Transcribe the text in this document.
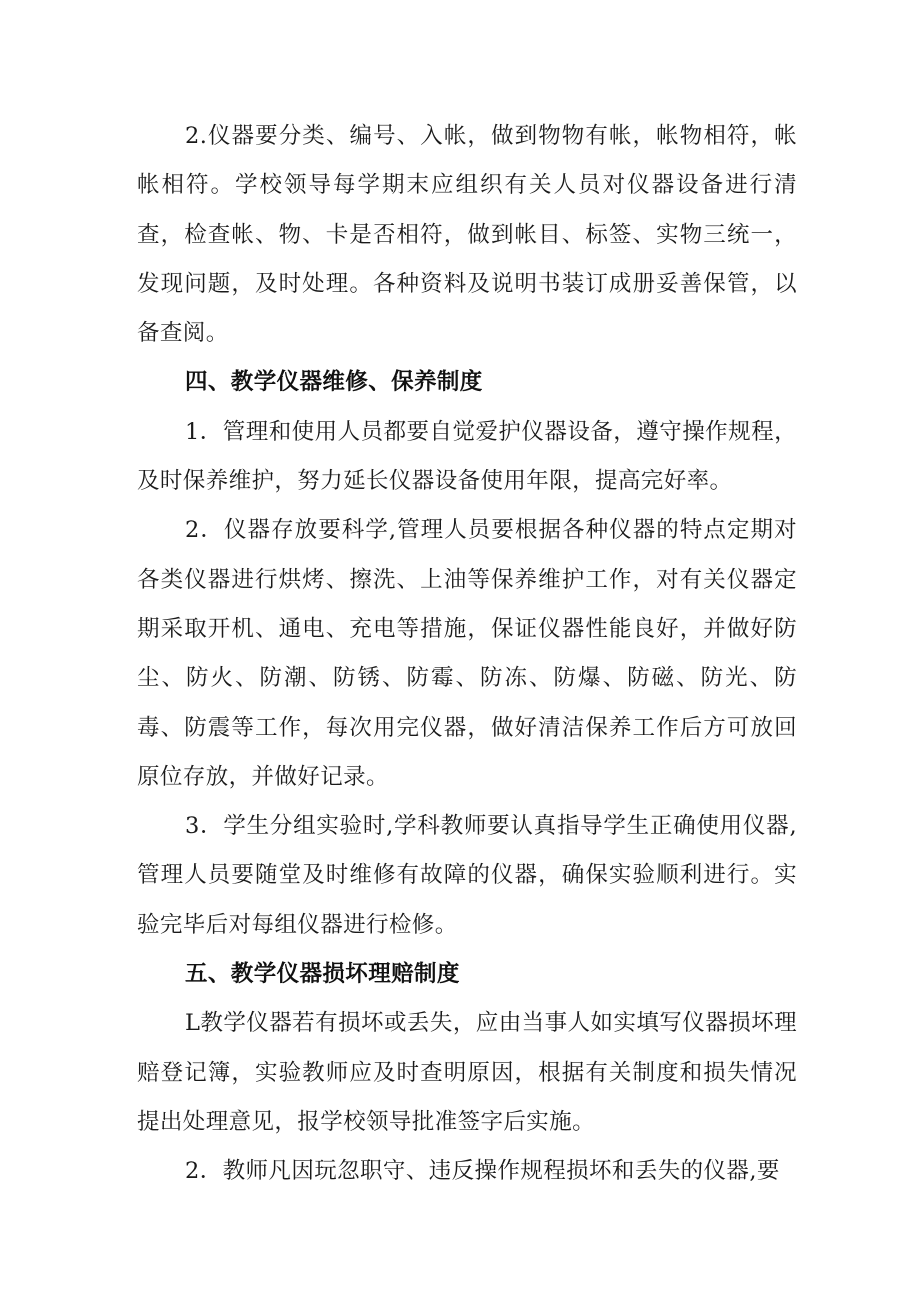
2.仪器要分类、编号、入帐，做到物物有帐，帐物相符，帐帐相符。学校领导每学期末应组织有关人员对仪器设备进行清查，检查帐、物、卡是否相符，做到帐目、标签、实物三统一，发现问题，及时处理。各种资料及说明书装订成册妥善保管，以备查阅。

四、教学仪器维修、保养制度

1．管理和使用人员都要自觉爱护仪器设备，遵守操作规程，及时保养维护，努力延长仪器设备使用年限，提高完好率。

2．仪器存放要科学,管理人员要根据各种仪器的特点定期对各类仪器进行烘烤、擦洗、上油等保养维护工作，对有关仪器定期采取开机、通电、充电等措施，保证仪器性能良好，并做好防尘、防火、防潮、防锈、防霉、防冻、防爆、防磁、防光、防毒、防震等工作，每次用完仪器，做好清洁保养工作后方可放回原位存放，并做好记录。

3．学生分组实验时,学科教师要认真指导学生正确使用仪器,管理人员要随堂及时维修有故障的仪器，确保实验顺利进行。实验完毕后对每组仪器进行检修。

五、教学仪器损坏理赔制度

L教学仪器若有损坏或丢失，应由当事人如实填写仪器损坏理赔登记簿，实验教师应及时查明原因，根据有关制度和损失情况提出处理意见，报学校领导批准签字后实施。

2．教师凡因玩忽职守、违反操作规程损坏和丢失的仪器,要
